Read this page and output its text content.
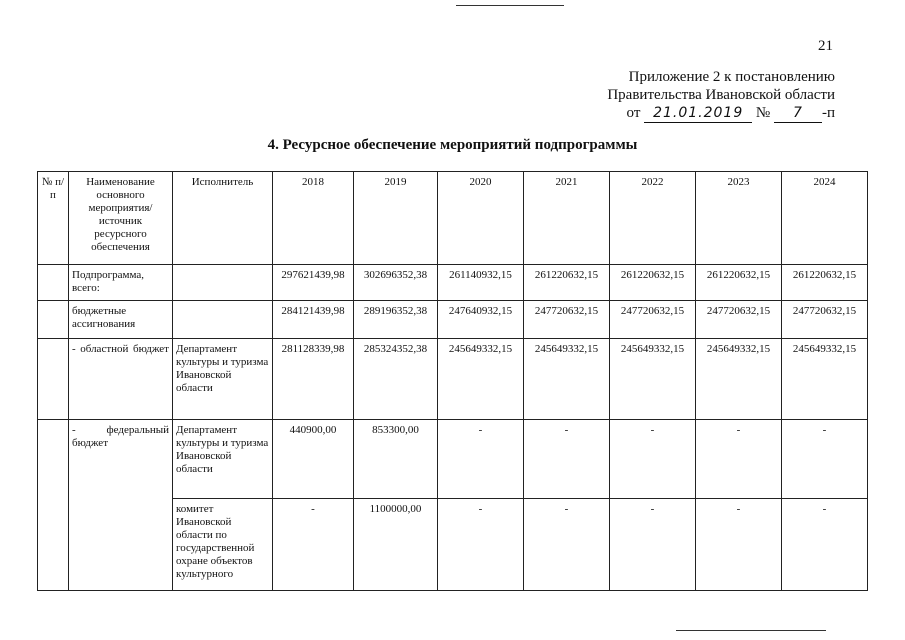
21
Приложение 2 к постановлению
Правительства Ивановской области
от 21.01.2019 № 7 -п
4. Ресурсное обеспечение мероприятий подпрограммы
№ п/п	Наименование основного мероприятия/ источник ресурсного обеспечения	Исполнитель	2018	2019	2020	2021	2022	2023	2024
	Подпрограмма, всего:		297621439,98	302696352,38	261140932,15	261220632,15	261220632,15	261220632,15	261220632,15
	бюджетные ассигнования		284121439,98	289196352,38	247640932,15	247720632,15	247720632,15	247720632,15	247720632,15
	- областной бюджет	Департамент культуры и туризма Ивановской области	281128339,98	285324352,38	245649332,15	245649332,15	245649332,15	245649332,15	245649332,15
	- федеральный бюджет	Департамент культуры и туризма Ивановской области	440900,00	853300,00	-	-	-	-	-
		комитет Ивановской области по государственной охране объектов культурного	-	1100000,00	-	-	-	-	-
